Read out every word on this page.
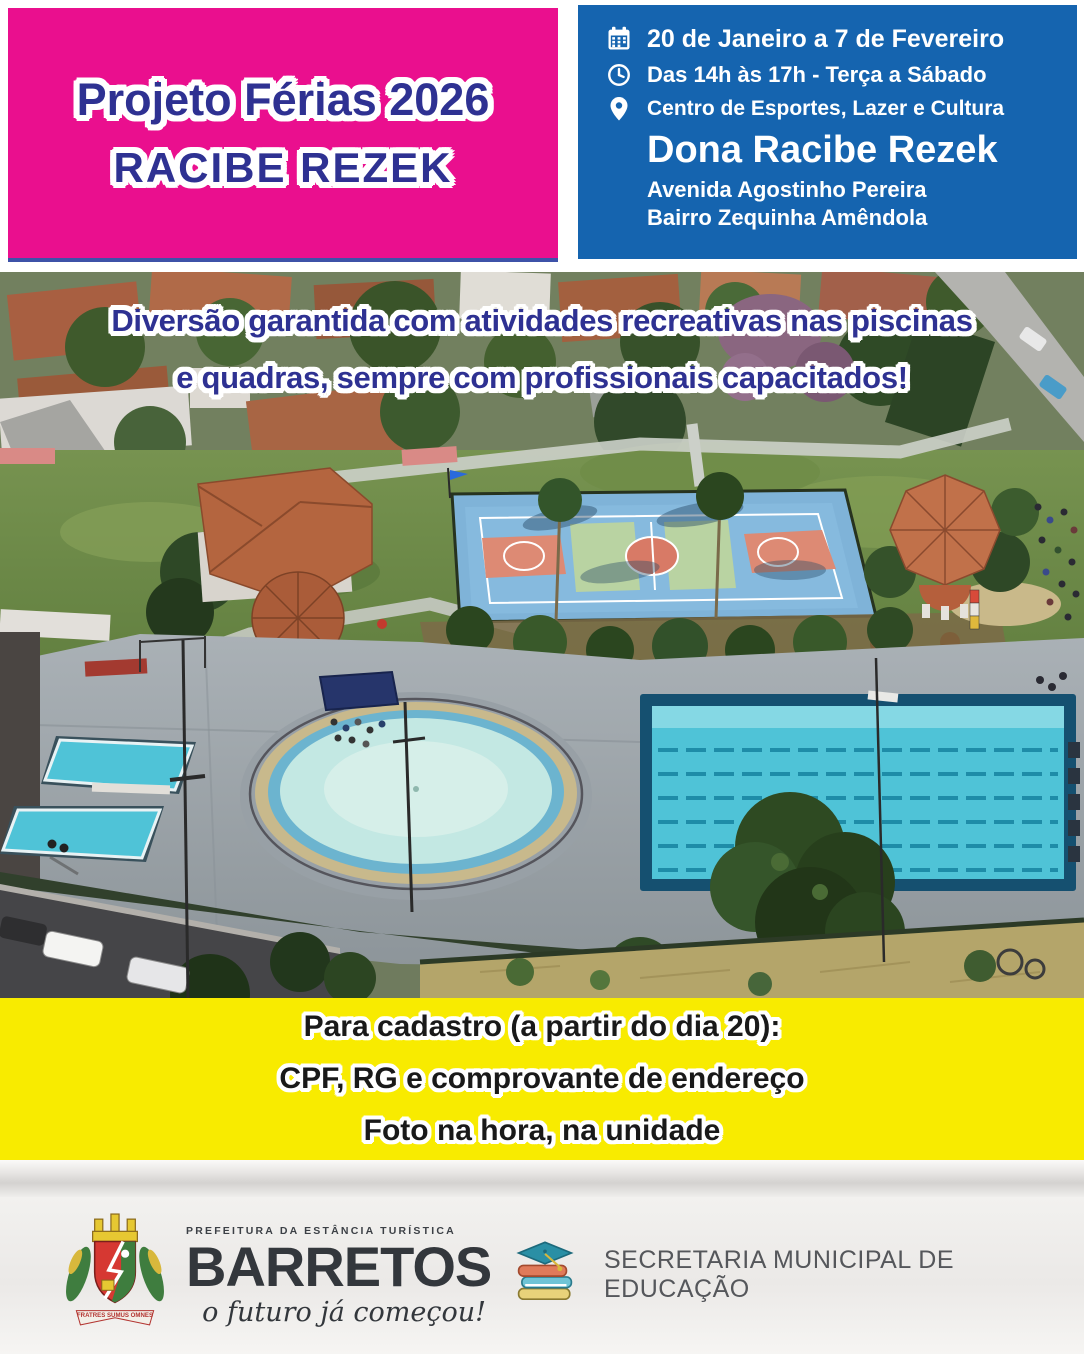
Projeto Férias 2026
RACIBE REZEK
20 de Janeiro a 7 de Fevereiro
Das 14h às 17h - Terça a Sábado
Centro de Esportes, Lazer e Cultura
Dona Racibe Rezek
Avenida Agostinho Pereira
Bairro Zequinha Amêndola
Diversão garantida com atividades recreativas nas piscinas
e quadras, sempre com profissionais capacitados!
Para cadastro (a partir do dia 20):
CPF, RG e comprovante de endereço
Foto na hora, na unidade
FRATRES SUMUS OMNES
PREFEITURA DA ESTÂNCIA TURÍSTICA
BARRETOS
o futuro já começou!
SECRETARIA MUNICIPAL DE EDUCAÇÃO
